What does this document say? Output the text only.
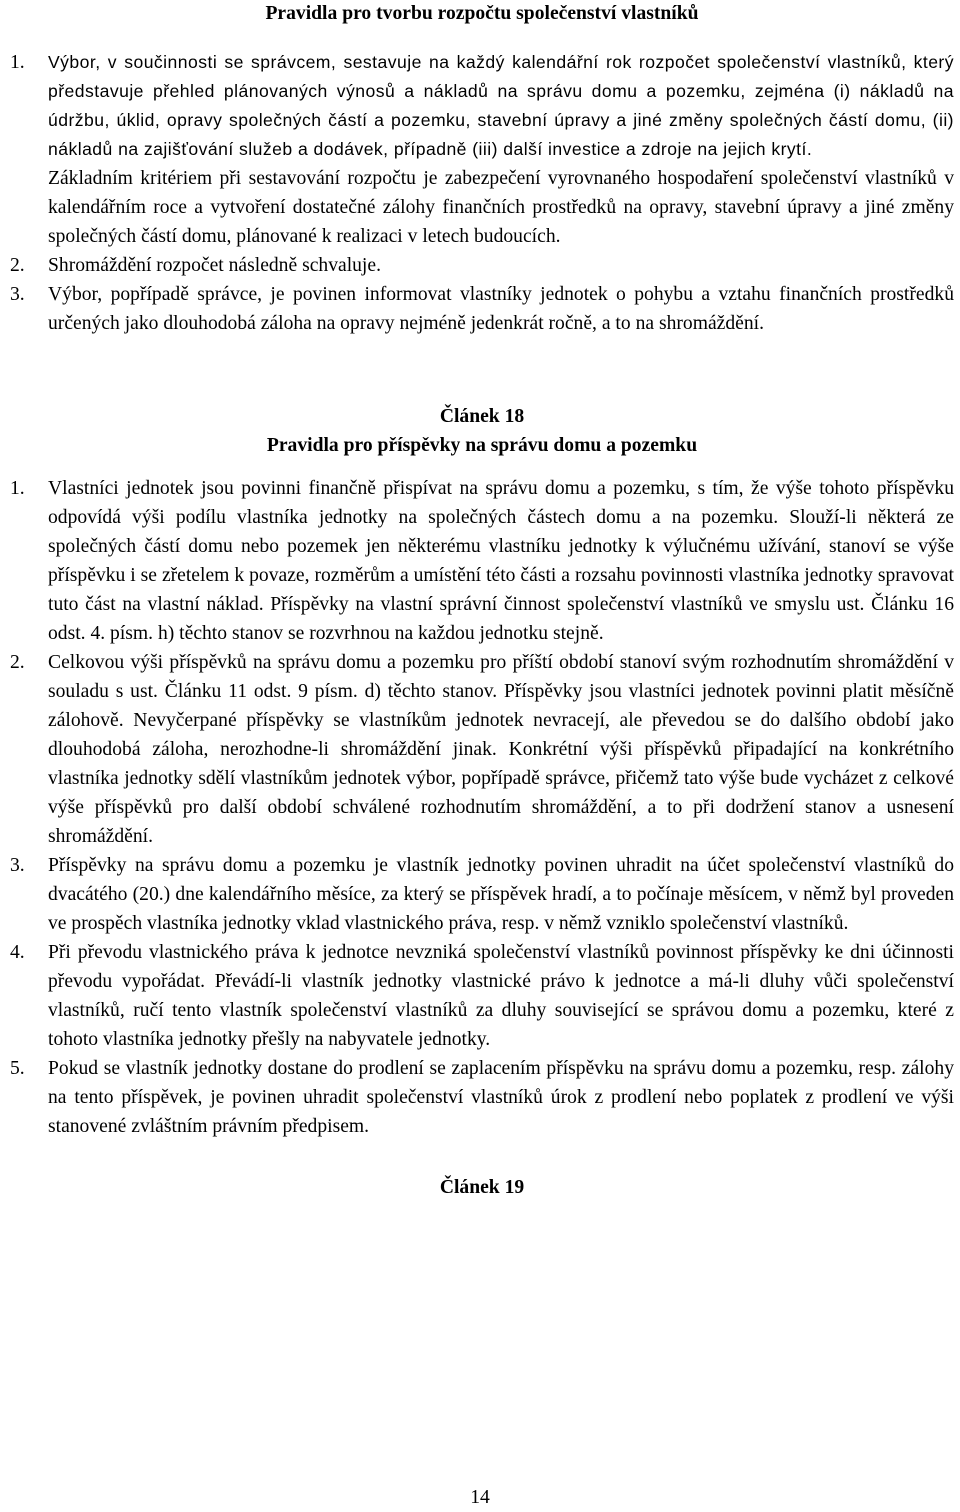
Pravidla pro tvorbu rozpočtu společenství vlastníků

1. Výbor, v součinnosti se správcem, sestavuje na každý kalendářní rok rozpočet společenství vlastníků, který představuje přehled plánovaných výnosů a nákladů na správu domu a pozemku, zejména (i) nákladů na údržbu, úklid, opravy společných částí a pozemku, stavební úpravy a jiné změny společných částí domu, (ii) nákladů na zajišťování služeb a dodávek, případně (iii) další investice a zdroje na jejich krytí.

Základním kritériem při sestavování rozpočtu je zabezpečení vyrovnaného hospodaření společenství vlastníků v kalendářním roce a vytvoření dostatečné zálohy finančních prostředků na opravy, stavební úpravy a jiné změny společných částí domu, plánované k realizaci v letech budoucích.

2. Shromáždění rozpočet následně schvaluje.

3. Výbor, popřípadě správce, je povinen informovat vlastníky jednotek o pohybu a vztahu finančních prostředků určených jako dlouhodobá záloha na opravy nejméně jedenkrát ročně, a to na shromáždění.

Článek 18

Pravidla pro příspěvky na správu domu a pozemku

1. Vlastníci jednotek jsou povinni finančně přispívat na správu domu a pozemku, s tím, že výše tohoto příspěvku odpovídá výši podílu vlastníka jednotky na společných částech domu a na pozemku. Slouží-li některá ze společných částí domu nebo pozemek jen některému vlastníku jednotky k výlučnému užívání, stanoví se výše příspěvku i se zřetelem k povaze, rozměrům a umístění této části a rozsahu povinnosti vlastníka jednotky spravovat tuto část na vlastní náklad. Příspěvky na vlastní správní činnost společenství vlastníků ve smyslu ust. Článku 16 odst. 4. písm. h) těchto stanov se rozvrhnou na každou jednotku stejně.

2. Celkovou výši příspěvků na správu domu a pozemku pro příští období stanoví svým rozhodnutím shromáždění v souladu s ust. Článku 11 odst. 9 písm. d) těchto stanov. Příspěvky jsou vlastníci jednotek povinni platit měsíčně zálohově. Nevyčerpané příspěvky se vlastníkům jednotek nevracejí, ale převedou se do dalšího období jako dlouhodobá záloha, nerozhodne-li shromáždění jinak. Konkrétní výši příspěvků připadající na konkrétního vlastníka jednotky sdělí vlastníkům jednotek výbor, popřípadě správce, přičemž tato výše bude vycházet z celkové výše příspěvků pro další období schválené rozhodnutím shromáždění, a to při dodržení stanov a usnesení shromáždění.

3. Příspěvky na správu domu a pozemku je vlastník jednotky povinen uhradit na účet společenství vlastníků do dvacátého (20.) dne kalendářního měsíce, za který se příspěvek hradí, a to počínaje měsícem, v němž byl proveden ve prospěch vlastníka jednotky vklad vlastnického práva, resp. v němž vzniklo společenství vlastníků.

4. Při převodu vlastnického práva k jednotce nevzniká společenství vlastníků povinnost příspěvky ke dni účinnosti převodu vypořádat. Převádí-li vlastník jednotky vlastnické právo k jednotce a má-li dluhy vůči společenství vlastníků, ručí tento vlastník společenství vlastníků za dluhy související se správou domu a pozemku, které z tohoto vlastníka jednotky přešly na nabyvatele jednotky.

5. Pokud se vlastník jednotky dostane do prodlení se zaplacením příspěvku na správu domu a pozemku, resp. zálohy na tento příspěvek, je povinen uhradit společenství vlastníků úrok z prodlení nebo poplatek z prodlení ve výši stanovené zvláštním právním předpisem.

Článek 19

14
